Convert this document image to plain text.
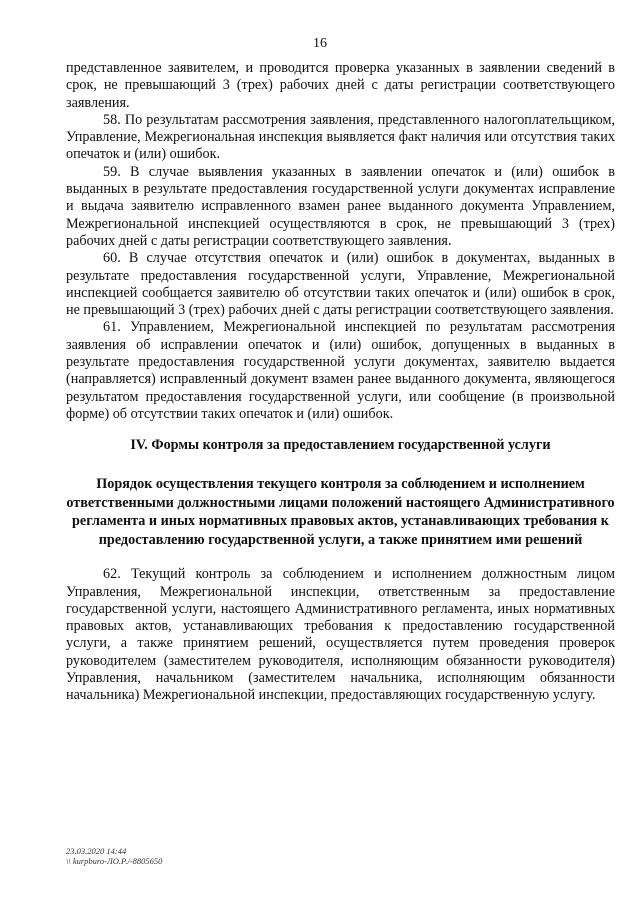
16

представленное заявителем, и проводится проверка указанных в заявлении сведений в срок, не превышающий 3 (трех) рабочих дней с даты регистрации соответствующего заявления.

58. По результатам рассмотрения заявления, представленного налогоплательщиком, Управление, Межрегиональная инспекция выявляется факт наличия или отсутствия таких опечаток и (или) ошибок.

59. В случае выявления указанных в заявлении опечаток и (или) ошибок в выданных в результате предоставления государственной услуги документах исправление и выдача заявителю исправленного взамен ранее выданного документа Управлением, Межрегиональной инспекцией осуществляются в срок, не превышающий 3 (трех) рабочих дней с даты регистрации соответствующего заявления.

60. В случае отсутствия опечаток и (или) ошибок в документах, выданных в результате предоставления государственной услуги, Управление, Межрегиональной инспекцией сообщается заявителю об отсутствии таких опечаток и (или) ошибок в срок, не превышающий 3 (трех) рабочих дней с даты регистрации соответствующего заявления.

61. Управлением, Межрегиональной инспекцией по результатам рассмотрения заявления об исправлении опечаток и (или) ошибок, допущенных в выданных в результате предоставления государственной услуги документах, заявителю выдается (направляется) исправленный документ взамен ранее выданного документа, являющегося результатом предоставления государственной услуги, или сообщение (в произвольной форме) об отсутствии таких опечаток и (или) ошибок.

IV. Формы контроля за предоставлением государственной услуги
Порядок осуществления текущего контроля за соблюдением и исполнением ответственными должностными лицами положений настоящего Административного регламента и иных нормативных правовых актов, устанавливающих требования к предоставлению государственной услуги, а также принятием ими решений

62. Текущий контроль за соблюдением и исполнением должностным лицом Управления, Межрегиональной инспекции, ответственным за предоставление государственной услуги, настоящего Административного регламента, иных нормативных правовых актов, устанавливающих требования к предоставлению государственной услуги, а также принятием решений, осуществляется путем проведения проверок руководителем (заместителем руководителя, исполняющим обязанности руководителя) Управления, начальником (заместителем начальника, исполняющим обязанности начальника) Межрегиональной инспекции, предоставляющих государственную услугу.

23.03.2020 14:44
\\ kurpburo-ЛО.Р./-8805650
